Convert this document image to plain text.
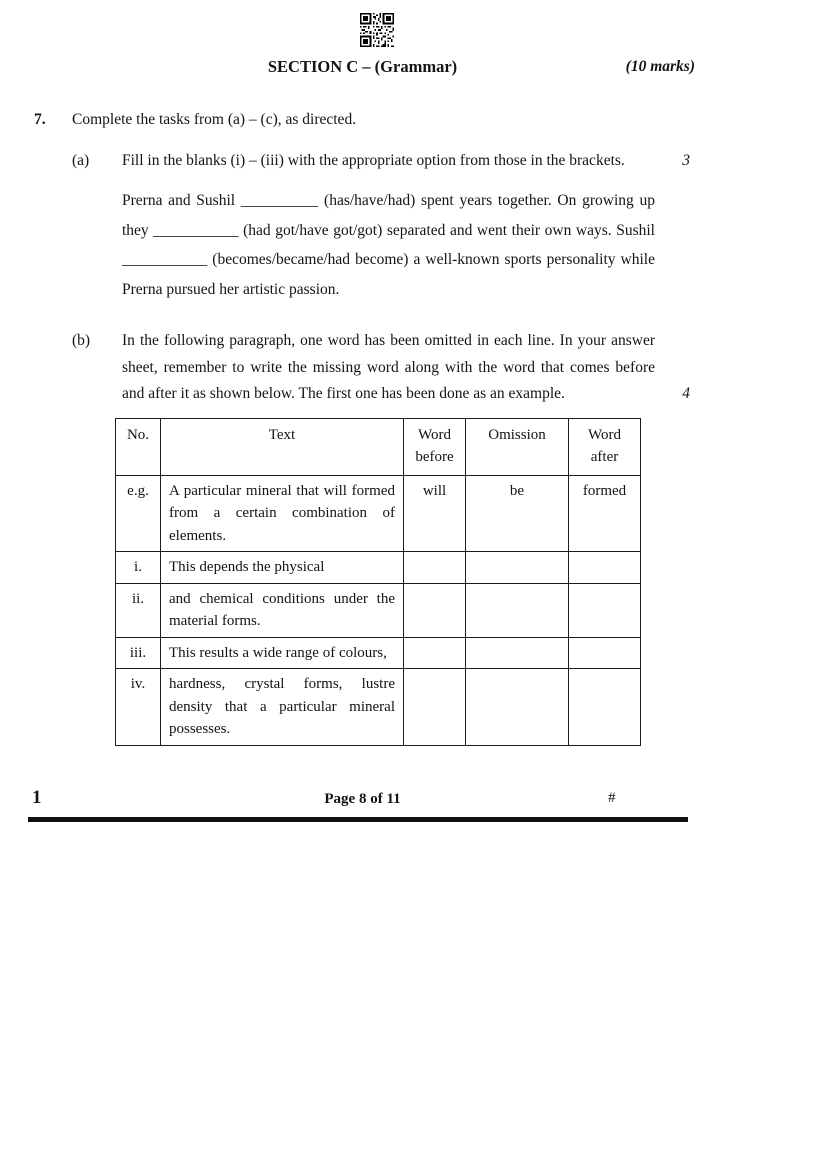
SECTION C – (Grammar)	(10 marks)
7.	Complete the tasks from (a) – (c), as directed.
(a)	Fill in the blanks (i) – (iii) with the appropriate option from those in the brackets.	3
Prerna and Sushil __________ (has/have/had) spent years together. On growing up they ___________ (had got/have got/got) separated and went their own ways. Sushil ___________ (becomes/became/had become) a well-known sports personality while Prerna pursued her artistic passion.
(b)	In the following paragraph, one word has been omitted in each line. In your answer sheet, remember to write the missing word along with the word that comes before and after it as shown below. The first one has been done as an example.	4
No.	Text	Word before	Omission	Word after
e.g.	A particular mineral that will formed from a certain combination of elements.	will	be	formed
i.	This depends the physical			
ii.	and chemical conditions under the material forms.			
iii.	This results a wide range of colours,			
iv.	hardness, crystal forms, lustre density that a particular mineral possesses.			
1	Page 8 of 11	#
